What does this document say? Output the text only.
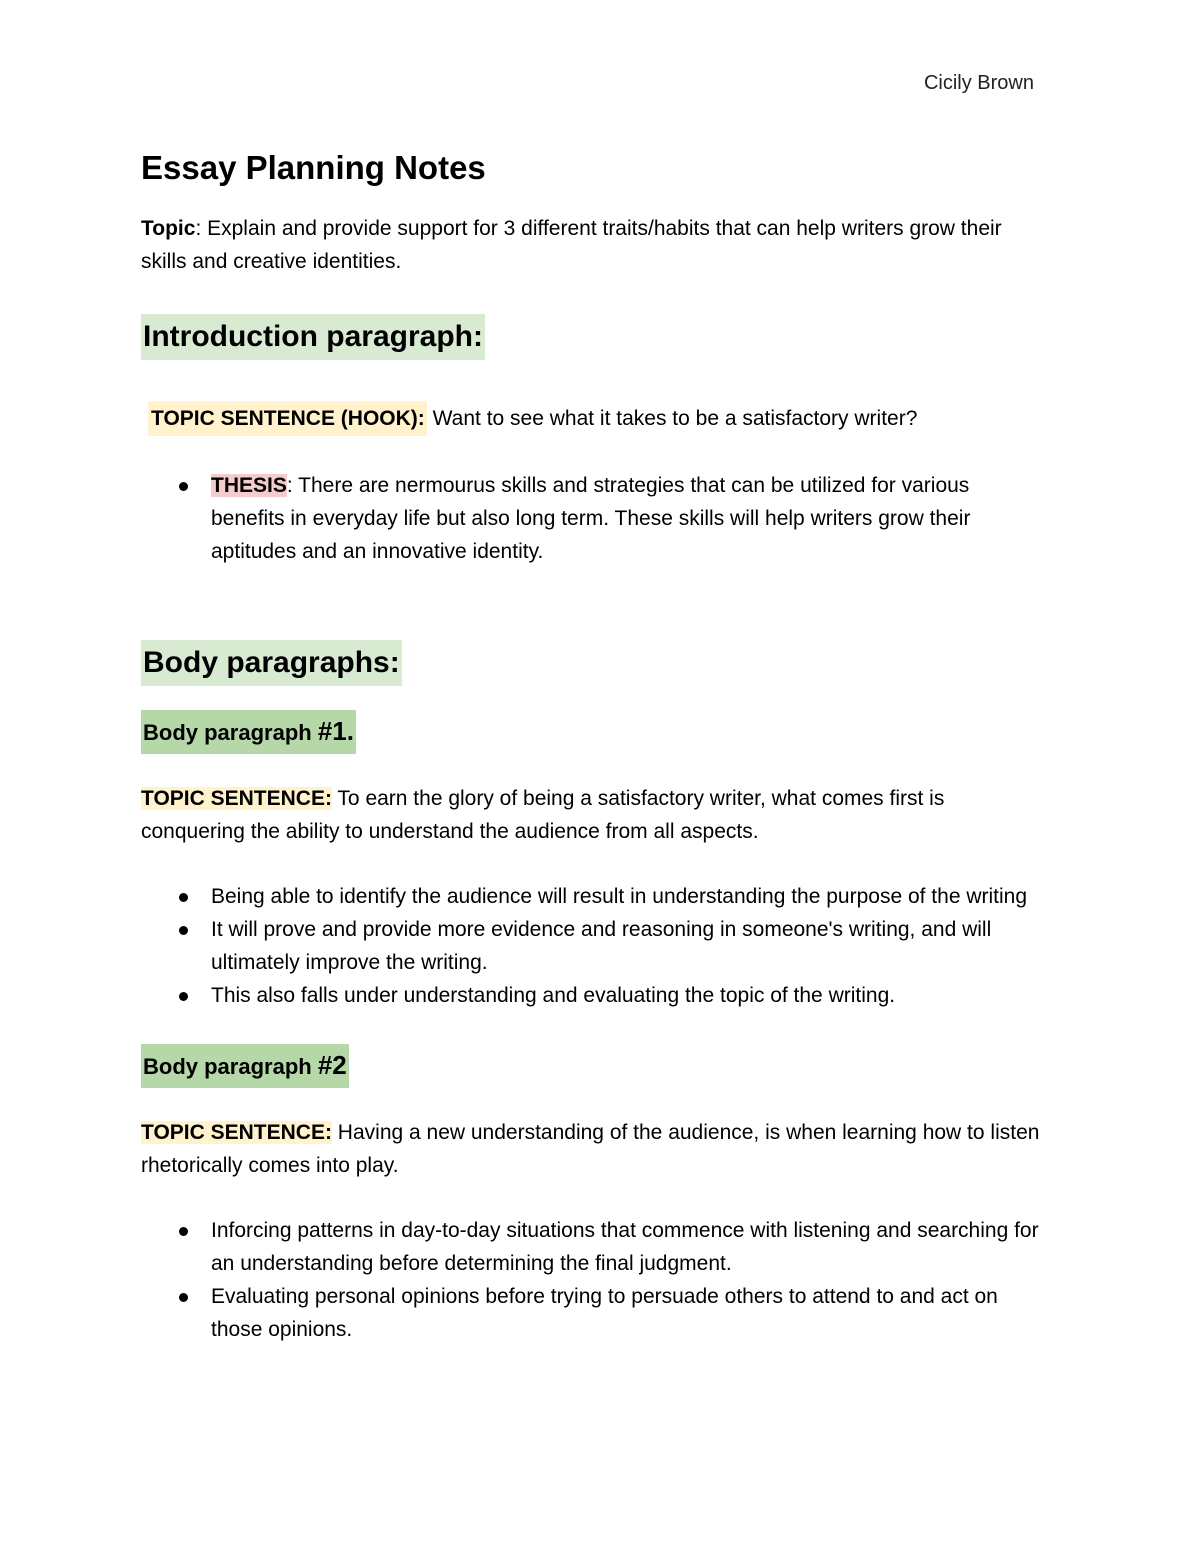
Cicily Brown
Essay Planning Notes

Topic: Explain and provide support for 3 different traits/habits that can help writers grow their skills and creative identities.

Introduction paragraph:

TOPIC SENTENCE (HOOK): Want to see what it takes to be a satisfactory writer?

THESIS: There are nermourus skills and strategies that can be utilized for various benefits in everyday life but also long term. These skills will help writers grow their aptitudes and an innovative identity.
Body paragraphs:
Body paragraph #1.

TOPIC SENTENCE: To earn the glory of being a satisfactory writer, what comes first is conquering the ability to understand the audience from all aspects.

Being able to identify the audience will result in understanding the purpose of the writing
It will prove and provide more evidence and reasoning in someone's writing, and will ultimately improve the writing.
This also falls under understanding and evaluating the topic of the writing.
Body paragraph #2

TOPIC SENTENCE: Having a new understanding of the audience, is when learning how to listen rhetorically comes into play.

Inforcing patterns in day-to-day situations that commence with listening and searching for an understanding before determining the final judgment.
Evaluating personal opinions before trying to persuade others to attend to and act on those opinions.
